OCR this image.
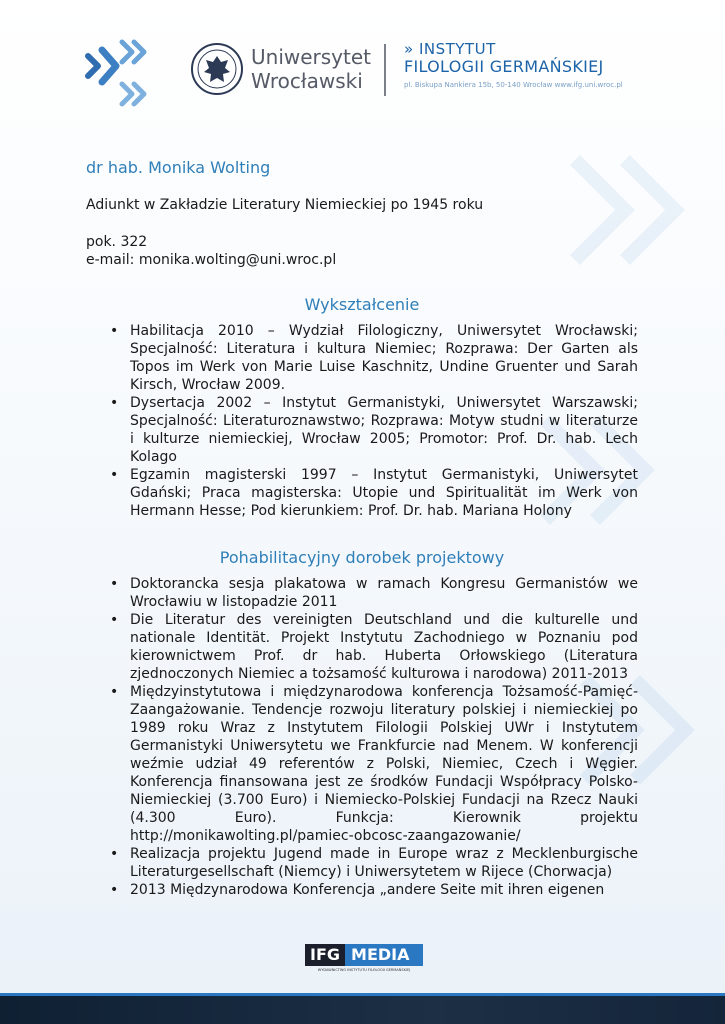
Uniwersytet
Wrocławski
» INSTYTUT
FILOLOGII GERMAŃSKIEJ
pl. Biskupa Nankiera 15b, 50-140 Wrocław www.ifg.uni.wroc.pl
dr hab. Monika Wolting

Adiunkt w Zakładzie Literatury Niemieckiej po 1945 roku

pok. 322

e-mail: monika.wolting@uni.wroc.pl

Wykształcenie
• Habilitacja 2010 – Wydział Filologiczny, Uniwersytet Wrocławski; Specjalność: Literatura i kultura Niemiec; Rozprawa: Der Garten als Topos im Werk von Marie Luise Kaschnitz, Undine Gruenter und Sarah Kirsch, Wrocław 2009.
• Dysertacja 2002 – Instytut Germanistyki, Uniwersytet Warszawski; Specjalność: Literaturoznawstwo; Rozprawa: Motyw studni w literaturze i kulturze niemieckiej, Wrocław 2005; Promotor: Prof. Dr. hab. Lech Kolago
• Egzamin magisterski 1997 – Instytut Germanistyki, Uniwersytet Gdański; Praca magisterska: Utopie und Spiritualität im Werk von Hermann Hesse; Pod kierunkiem: Prof. Dr. hab. Mariana Holony
Pohabilitacyjny dorobek projektowy
• Doktorancka sesja plakatowa w ramach Kongresu Germanistów we Wrocławiu w listopadzie 2011
• Die Literatur des vereinigten Deutschland und die kulturelle und nationale Identität. Projekt Instytutu Zachodniego w Poznaniu pod kierownictwem Prof. dr hab. Huberta Orłowskiego (Literatura zjednoczonych Niemiec a tożsamość kulturowa i narodowa) 2011-2013
• Międzyinstytutowa i międzynarodowa konferencja Tożsamość-Pamięć-Zaangażowanie. Tendencje rozwoju literatury polskiej i niemieckiej po 1989 roku Wraz z Instytutem Filologii Polskiej UWr i Instytutem Germanistyki Uniwersytetu we Frankfurcie nad Menem. W konferencji weźmie udział 49 referentów z Polski, Niemiec, Czech i Węgier. Konferencja finansowana jest ze środków Fundacji Współpracy Polsko-Niemieckiej (3.700 Euro) i Niemiecko-Polskiej Fundacji na Rzecz Nauki (4.300 Euro). Funkcja: Kierownik projektu http://monikawolting.pl/pamiec-obcosc-zaangazowanie/
• Realizacja projektu Jugend made in Europe wraz z Mecklenburgische Literaturgesellschaft (Niemcy) i Uniwersytetem w Rijece (Chorwacja)
• 2013 Międzynarodowa Konferencja „andere Seite mit ihren eigenen
IFG MEDIA
WYDAWNICTWO INSTYTUTU FILOLOGII GERMAŃSKIEJ
